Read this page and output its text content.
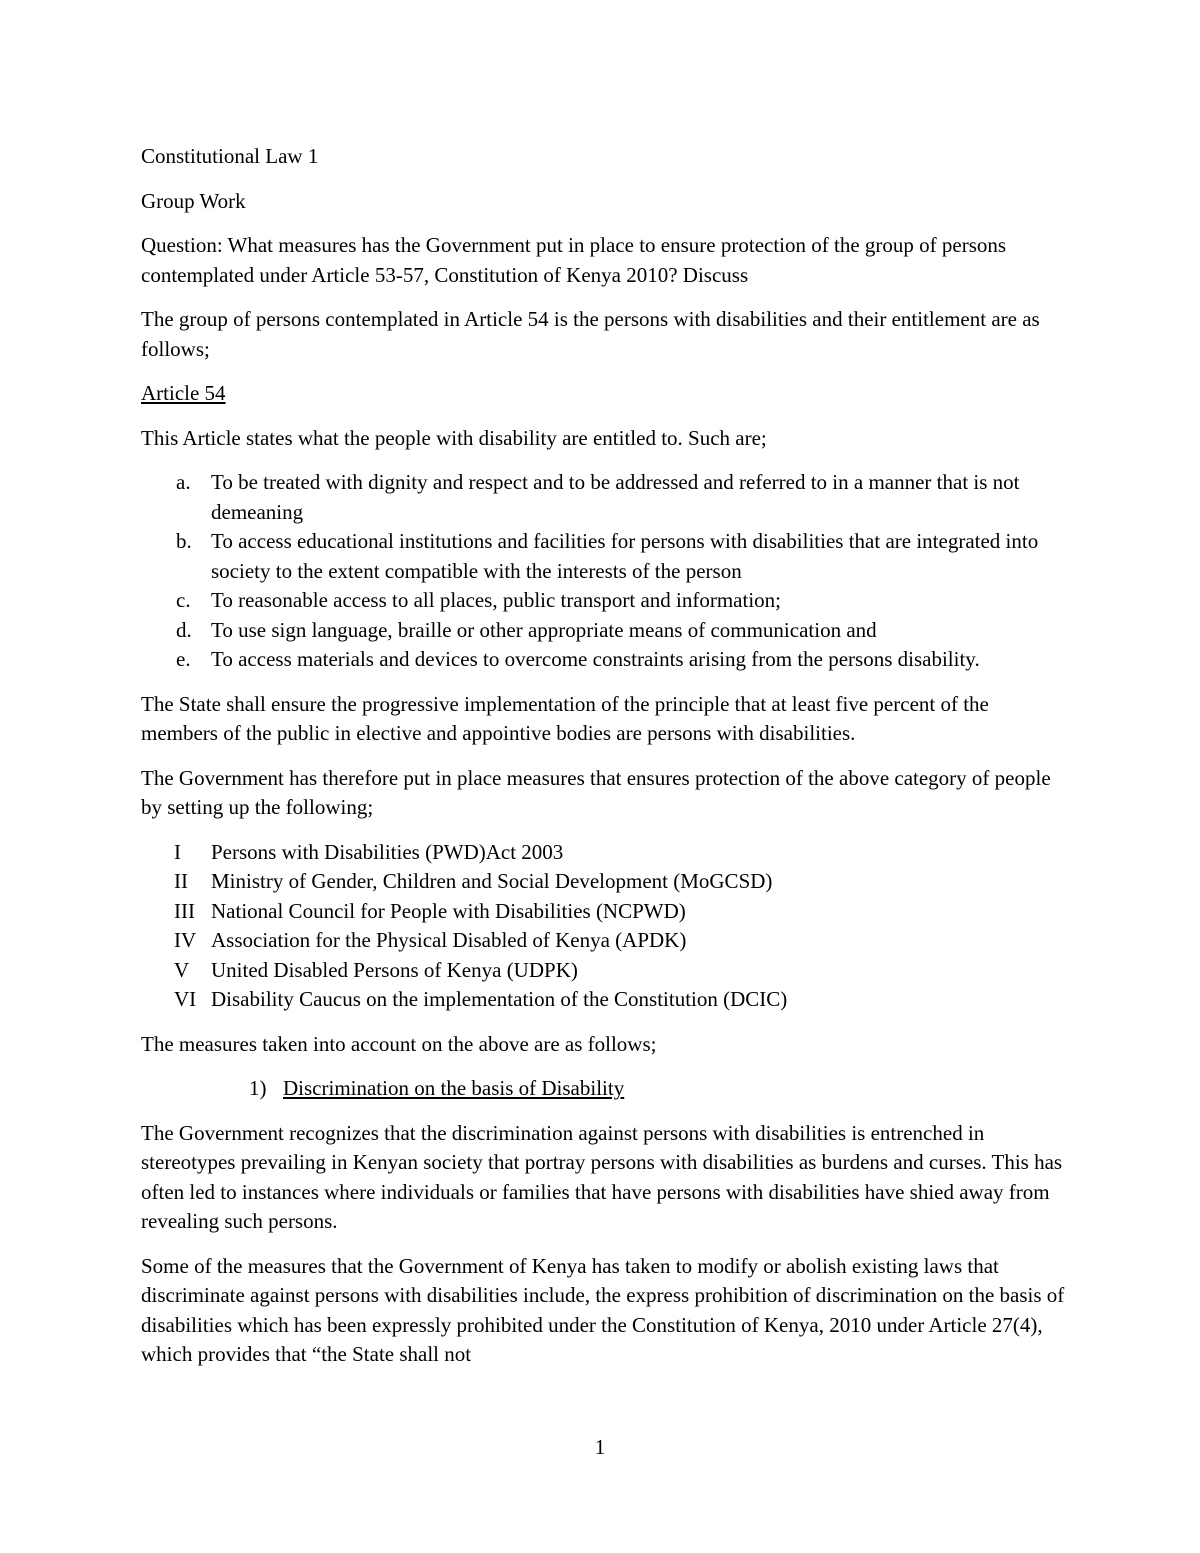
Constitutional Law 1

Group Work

Question: What measures has the Government put in place to ensure protection of the group of persons contemplated under Article 53-57, Constitution of Kenya 2010? Discuss

The group of persons contemplated in Article 54 is the persons with disabilities and their entitlement are as follows;

Article 54

This Article states what the people with disability are entitled to. Such are;

a. To be treated with dignity and respect and to be addressed and referred to in a manner that is not demeaning
b. To access educational institutions and facilities for persons with disabilities that are integrated into society to the extent compatible with the interests of the person
c. To reasonable access to all places, public transport and information;
d. To use sign language, braille or other appropriate means of communication and
e. To access materials and devices to overcome constraints arising from the persons disability.

The State shall ensure the progressive implementation of the principle that at least five percent of the members of the public in elective and appointive bodies are persons with disabilities.

The Government has therefore put in place measures that ensures protection of the above category of people by setting up the following;

I Persons with Disabilities (PWD)Act 2003
II Ministry of Gender, Children and Social Development (MoGCSD)
III National Council for People with Disabilities (NCPWD)
IV Association for the Physical Disabled of Kenya (APDK)
V United Disabled Persons of Kenya (UDPK)
VI Disability Caucus on the implementation of the Constitution (DCIC)

The measures taken into account on the above are as follows;

1) Discrimination on the basis of Disability

The Government recognizes that the discrimination against persons with disabilities is entrenched in stereotypes prevailing in Kenyan society that portray persons with disabilities as burdens and curses. This has often led to instances where individuals or families that have persons with disabilities have shied away from revealing such persons.

Some of the measures that the Government of Kenya has taken to modify or abolish existing laws that discriminate against persons with disabilities include, the express prohibition of discrimination on the basis of disabilities which has been expressly prohibited under the Constitution of Kenya, 2010 under Article 27(4), which provides that “the State shall not

1
